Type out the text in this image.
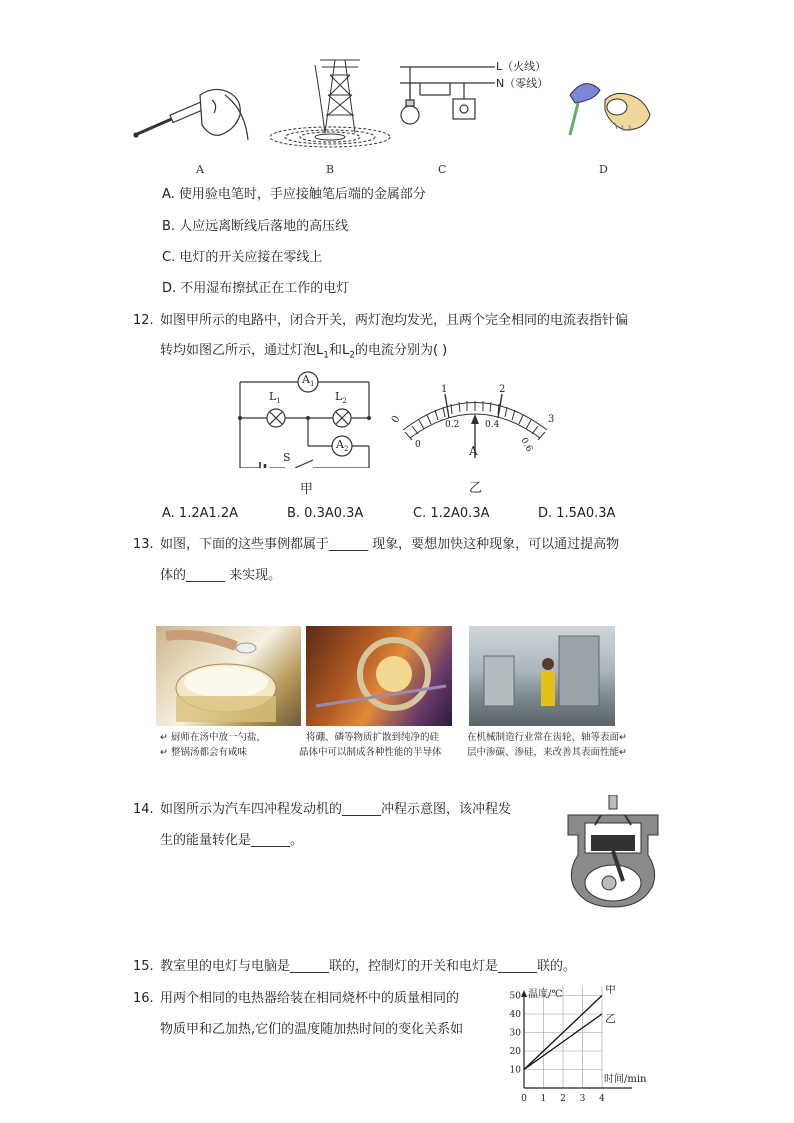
A	B	C	D
L（火线）
N（零线）
A. 使用验电笔时，手应接触笔后端的金属部分
B. 人应远离断线后落地的高压线
C. 电灯的开关应接在零线上
D. 不用湿布擦拭正在工作的电灯
12. 如图甲所示的电路中，闭合开关，两灯泡均发光，且两个完全相同的电流表指针偏
转均如图乙所示，通过灯泡$L_1$和$L_2$的电流分别为( )
$A_1$
$L_1$	$L_2$
$A_2$
S
甲
0
1	2
3
0
0.2	0.4
0.6
A
乙
A. 1.2A1.2A	B. 0.3A0.3A	C. 1.2A0.3A	D. 1.5A0.3A
13. 如图，下面的这些事例都属于______ 现象，要想加快这种现象，可以通过提高物
体的______ 来实现。
↵ 厨师在汤中放一勺盐，
↵ 整锅汤都会有咸味
将硼、磷等物质扩散到纯净的硅
晶体中可以制成各种性能的半导体
在机械制造行业常在齿轮、轴等表面↵
层中渗碳、渗硅，来改善其表面性能↵
14. 如图所示为汽车四冲程发动机的______冲程示意图，该冲程发
生的能量转化是______。
15. 教室里的电灯与电脑是______联的，控制灯的开关和电灯是______联的。
16. 用两个相同的电热器给装在相同烧杯中的质量相同的
物质甲和乙加热,它们的温度随加热时间的变化关系如
10
20
30
40
50
0 1 2 3 4
温度/℃
时间/min
甲
乙
